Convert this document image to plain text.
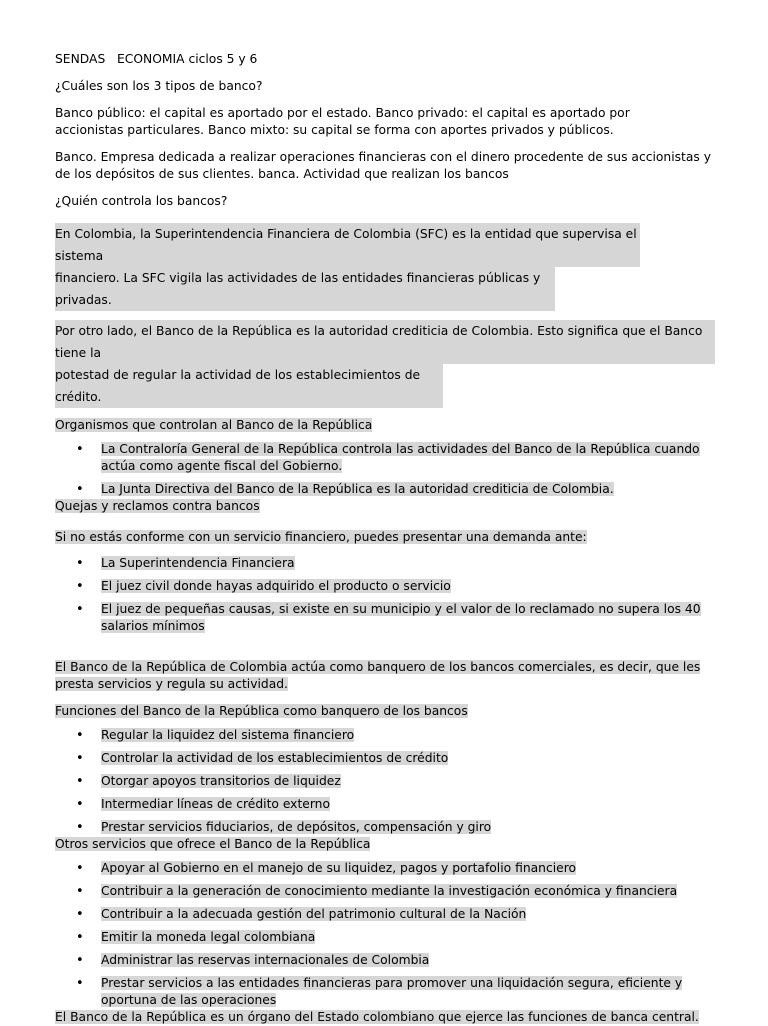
SENDAS   ECONOMIA ciclos 5 y 6

¿Cuáles son los 3 tipos de banco?

Banco público: el capital es aportado por el estado. Banco privado: el capital es aportado por accionistas particulares. Banco mixto: su capital se forma con aportes privados y públicos.

Banco. Empresa dedicada a realizar operaciones financieras con el dinero procedente de sus accionistas y de los depósitos de sus clientes. banca. Actividad que realizan los bancos

¿Quién controla los bancos?

En Colombia, la Superintendencia Financiera de Colombia (SFC) es la entidad que supervisa el sistema
financiero. La SFC vigila las actividades de las entidades financieras públicas y privadas.

Por otro lado, el Banco de la República es la autoridad crediticia de Colombia. Esto significa que el Banco tiene la
potestad de regular la actividad de los establecimientos de crédito.

Organismos que controlan al Banco de la República

• La Contraloría General de la República controla las actividades del Banco de la República cuando actúa como agente fiscal del Gobierno.
• La Junta Directiva del Banco de la República es la autoridad crediticia de Colombia.

Quejas y reclamos contra bancos

Si no estás conforme con un servicio financiero, puedes presentar una demanda ante:

• La Superintendencia Financiera
• El juez civil donde hayas adquirido el producto o servicio
• El juez de pequeñas causas, si existe en su municipio y el valor de lo reclamado no supera los 40 salarios mínimos

El Banco de la República de Colombia actúa como banquero de los bancos comerciales, es decir, que les presta servicios y regula su actividad.

Funciones del Banco de la República como banquero de los bancos

• Regular la liquidez del sistema financiero
• Controlar la actividad de los establecimientos de crédito
• Otorgar apoyos transitorios de liquidez
• Intermediar líneas de crédito externo
• Prestar servicios fiduciarios, de depósitos, compensación y giro

Otros servicios que ofrece el Banco de la República

• Apoyar al Gobierno en el manejo de su liquidez, pagos y portafolio financiero
• Contribuir a la generación de conocimiento mediante la investigación económica y financiera
• Contribuir a la adecuada gestión del patrimonio cultural de la Nación
• Emitir la moneda legal colombiana
• Administrar las reservas internacionales de Colombia
• Prestar servicios a las entidades financieras para promover una liquidación segura, eficiente y oportuna de las operaciones

El Banco de la República es un órgano del Estado colombiano que ejerce las funciones de banca central.
